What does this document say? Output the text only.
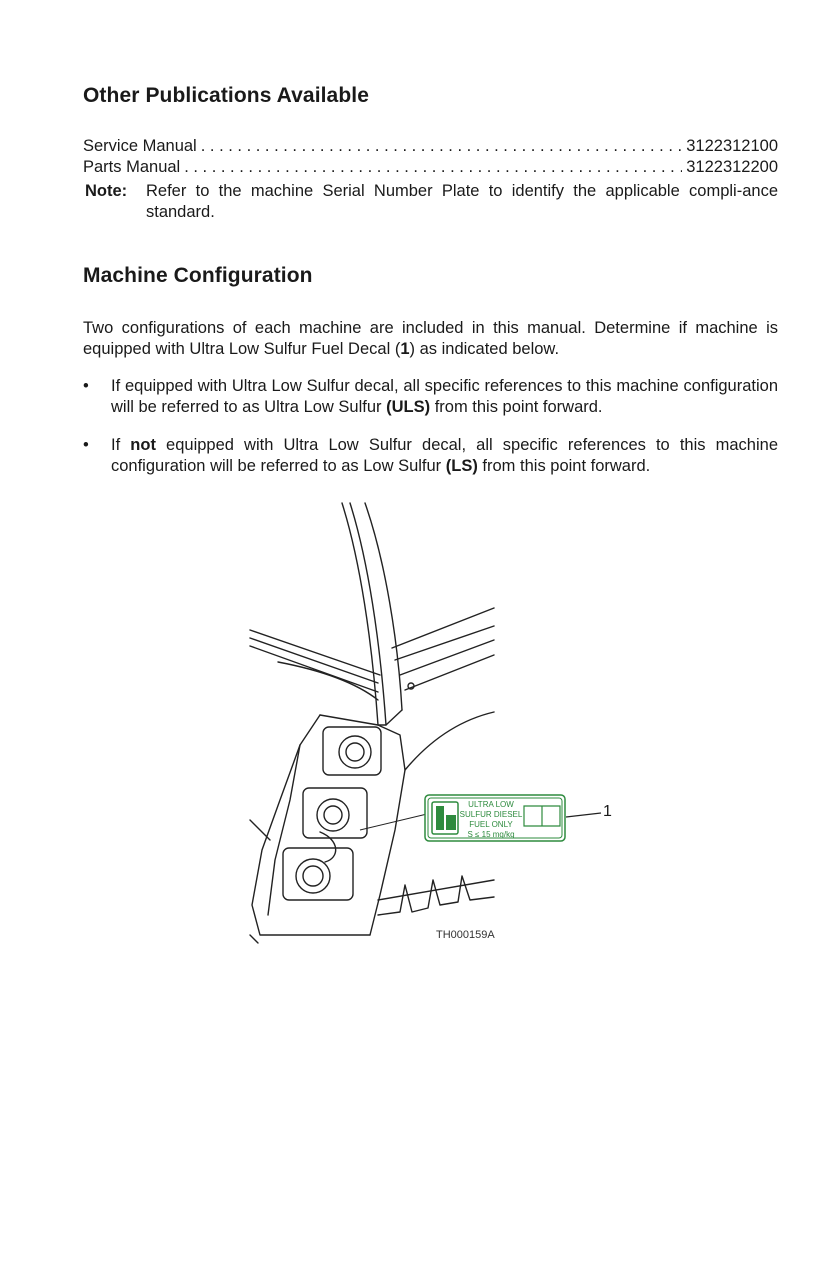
Other Publications Available
Service Manual . . .	3122312100
Parts Manual . . .	3122312200
Note:	Refer to the machine Serial Number Plate to identify the applicable compli-ance standard.
Machine Configuration

Two configurations of each machine are included in this manual. Determine if machine is equipped with Ultra Low Sulfur Fuel Decal (1) as indicated below.

•	If equipped with Ultra Low Sulfur decal, all specific references to this machine configuration will be referred to as Ultra Low Sulfur (ULS) from this point forward.
•	If not equipped with Ultra Low Sulfur decal, all specific references to this machine configuration will be referred to as Low Sulfur (LS) from this point forward.
ULTRA LOW
SULFUR DIESEL
FUEL ONLY
S ≤ 15 mg/kg
1
TH000159A
